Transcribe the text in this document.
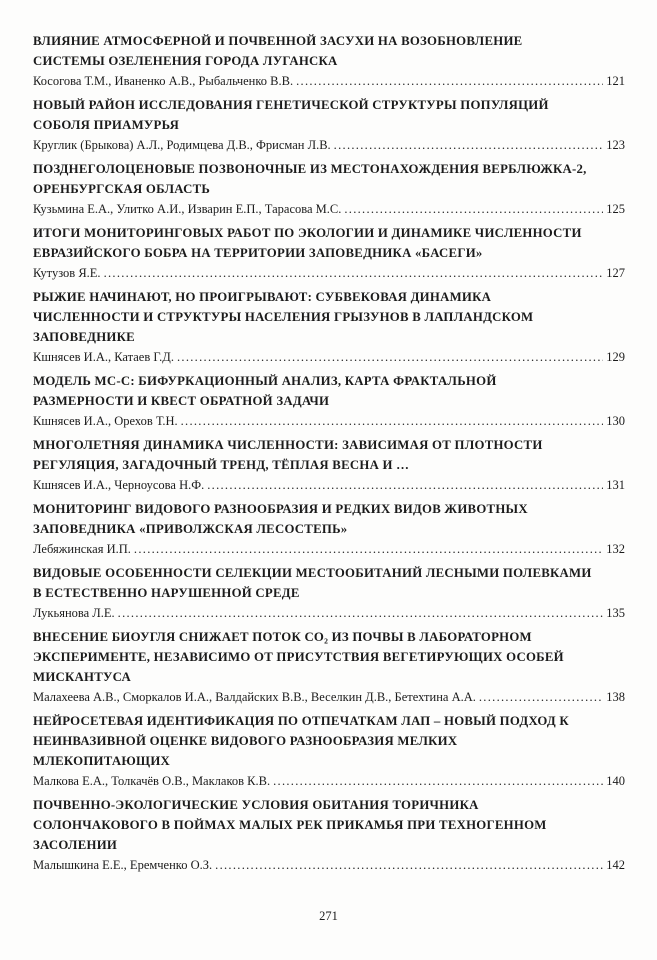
ВЛИЯНИЕ АТМОСФЕРНОЙ И ПОЧВЕННОЙ ЗАСУХИ НА ВОЗОБНОВЛЕНИЕ
СИСТЕМЫ ОЗЕЛЕНЕНИЯ ГОРОДА ЛУГАНСКА
Косогова Т.М., Иваненко А.В., Рыбальченко В.В. .....	121
НОВЫЙ РАЙОН ИССЛЕДОВАНИЯ ГЕНЕТИЧЕСКОЙ СТРУКТУРЫ ПОПУЛЯЦИЙ
СОБОЛЯ ПРИАМУРЬЯ
Круглик (Брыкова) А.Л., Родимцева Д.В., Фрисман Л.В. .....	123
ПОЗДНЕГОЛОЦЕНОВЫЕ ПОЗВОНОЧНЫЕ ИЗ МЕСТОНАХОЖДЕНИЯ ВЕРБЛЮЖКА-2,
ОРЕНБУРГСКАЯ ОБЛАСТЬ
Кузьмина Е.А., Улитко А.И., Изварин Е.П., Тарасова М.С. .....	125
ИТОГИ МОНИТОРИНГОВЫХ РАБОТ ПО ЭКОЛОГИИ И ДИНАМИКЕ ЧИСЛЕННОСТИ
ЕВРАЗИЙСКОГО БОБРА НА ТЕРРИТОРИИ ЗАПОВЕДНИКА «БАСЕГИ»
Кутузов Я.Е. .....	127
РЫЖИЕ НАЧИНАЮТ, НО ПРОИГРЫВАЮТ: СУБВЕКОВАЯ ДИНАМИКА
ЧИСЛЕННОСТИ И СТРУКТУРЫ НАСЕЛЕНИЯ ГРЫЗУНОВ В ЛАПЛАНДСКОМ
ЗАПОВЕДНИКЕ
Кшнясев И.А., Катаев Г.Д. .....	129
МОДЕЛЬ МС-С: БИФУРКАЦИОННЫЙ АНАЛИЗ, КАРТА ФРАКТАЛЬНОЙ
РАЗМЕРНОСТИ И КВЕСТ ОБРАТНОЙ ЗАДАЧИ
Кшнясев И.А., Орехов Т.Н. .....	130
МНОГОЛЕТНЯЯ ДИНАМИКА ЧИСЛЕННОСТИ: ЗАВИСИМАЯ ОТ ПЛОТНОСТИ
РЕГУЛЯЦИЯ, ЗАГАДОЧНЫЙ ТРЕНД, ТЁПЛАЯ ВЕСНА И …
Кшнясев И.А., Черноусова Н.Ф. .....	131
МОНИТОРИНГ ВИДОВОГО РАЗНООБРАЗИЯ И РЕДКИХ ВИДОВ ЖИВОТНЫХ
ЗАПОВЕДНИКА «ПРИВОЛЖСКАЯ ЛЕСОСТЕПЬ»
Лебяжинская И.П. .....	132
ВИДОВЫЕ ОСОБЕННОСТИ СЕЛЕКЦИИ МЕСТООБИТАНИЙ ЛЕСНЫМИ ПОЛЕВКАМИ
В ЕСТЕСТВЕННО НАРУШЕННОЙ СРЕДЕ
Лукьянова Л.Е. .....	135
ВНЕСЕНИЕ БИОУГЛЯ СНИЖАЕТ ПОТОК СО₂ ИЗ ПОЧВЫ В ЛАБОРАТОРНОМ
ЭКСПЕРИМЕНТЕ, НЕЗАВИСИМО ОТ ПРИСУТСТВИЯ ВЕГЕТИРУЮЩИХ ОСОБЕЙ
МИСКАНТУСА
Малахеева А.В., Сморкалов И.А., Валдайских В.В., Веселкин Д.В., Бетехтина А.А. .....	138
НЕЙРОСЕТЕВАЯ ИДЕНТИФИКАЦИЯ ПО ОТПЕЧАТКАМ ЛАП – НОВЫЙ ПОДХОД К
НЕИНВАЗИВНОЙ ОЦЕНКЕ ВИДОВОГО РАЗНООБРАЗИЯ МЕЛКИХ
МЛЕКОПИТАЮЩИХ
Малкова Е.А., Толкачёв О.В., Маклаков К.В. .....	140
ПОЧВЕННО-ЭКОЛОГИЧЕСКИЕ УСЛОВИЯ ОБИТАНИЯ ТОРИЧНИКА
СОЛОНЧАКОВОГО В ПОЙМАХ МАЛЫХ РЕК ПРИКАМЬЯ ПРИ ТЕХНОГЕННОМ
ЗАСОЛЕНИИ
Малышкина Е.Е., Еремченко О.З. .....	142
271
